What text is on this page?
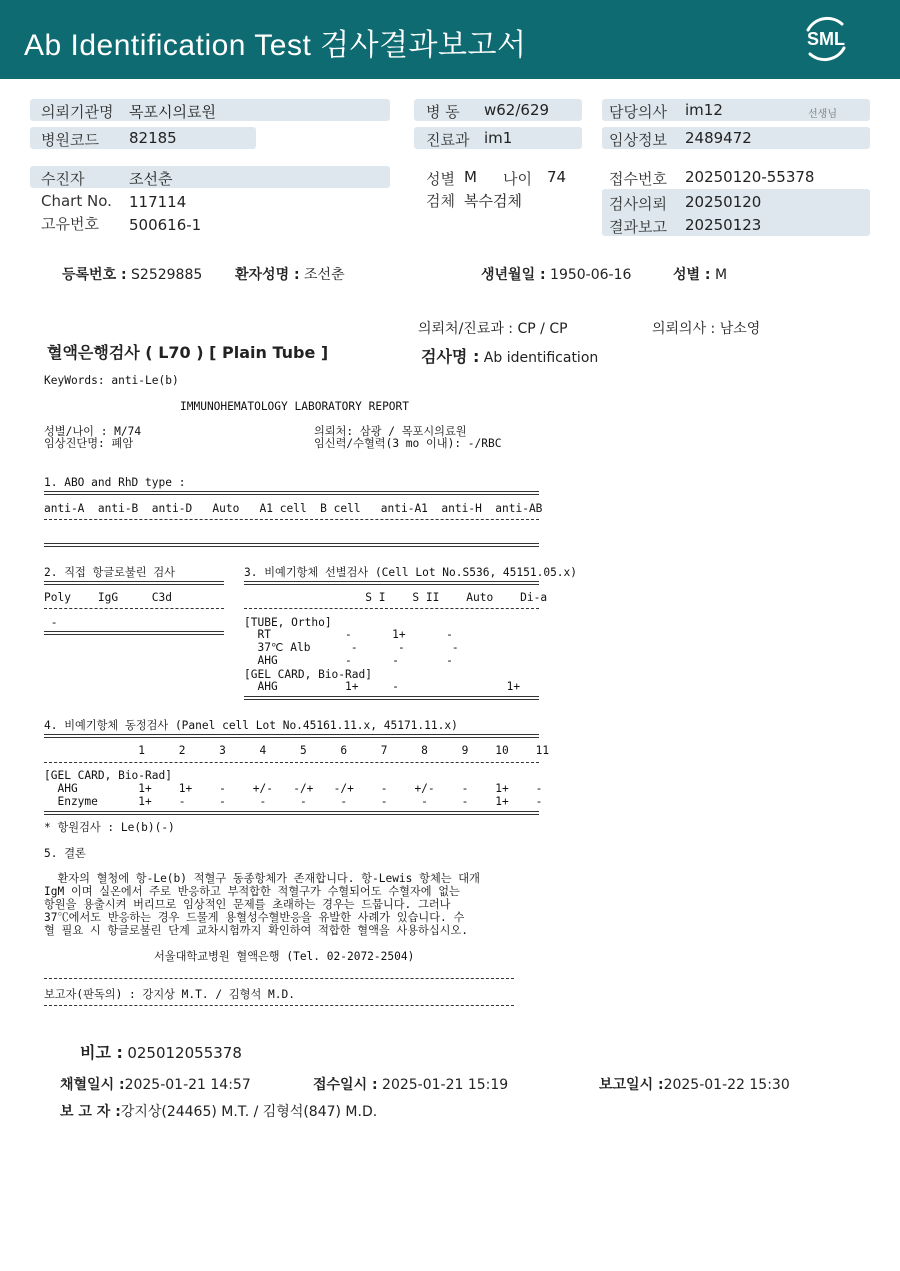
Ab Identification Test 검사결과보고서	SML
의뢰기관명 목포시의료원
병원코드 82185
병 동 w62/629
진료과 im1
담당의사 im12	선생님
임상정보 2489472
수진자	조선춘
Chart No. 117114
고유번호 500616-1
성별 M 나이 74
검체 복수검체
접수번호 20250120-55378
검사의뢰 20250120
결과보고 20250123
등록번호 : S2529885 환자성명 : 조선춘	생년월일 : 1950-06-16	성별 : M
의뢰처/진료과 : CP / CP	의뢰의사 : 남소영
혈액은행검사 ( L70 ) [ Plain Tube ]	검사명 : Ab identification
KeyWords: anti-Le(b)
IMMUNOHEMATOLOGY LABORATORY REPORT
성별/나이 : M/74	의뢰처: 삼광 / 목포시의료원
임상진단명: 폐암	임신력/수혈력(3 mo 이내): -/RBC
1. ABO and RhD type :
anti-A  anti-B  anti-D   Auto   A1 cell  B cell   anti-A1  anti-H  anti-AB
2. 직접 항글로불린 검사
Poly    IgG     C3d
-
3. 비예기항체 선별검사 (Cell Lot No.S536, 45151.05.x)
S I    S II    Auto    Di-a
[TUBE, Ortho]
RT           -      1+      -
37℃ Alb      -      -       -
AHG          -      -       -
[GEL CARD, Bio-Rad]
AHG          1+     -                1+
4. 비예기항체 동정검사 (Panel cell Lot No.45161.11.x, 45171.11.x)
1     2     3     4     5     6     7     8     9    10    11
[GEL CARD, Bio-Rad]
AHG         1+    1+    -    +/-   -/+   -/+    -    +/-    -    1+    -
Enzyme      1+    -     -     -     -     -     -     -     -    1+    -
* 항원검사 : Le(b)(-)
5. 결론
환자의 혈청에 항-Le(b) 적혈구 동종항체가 존재합니다. 항-Lewis 항체는 대개
IgM 이며 실온에서 주로 반응하고 부적합한 적혈구가 수혈되어도 수혈자에 없는
항원을 용출시켜 버리므로 임상적인 문제를 초래하는 경우는 드뭅니다. 그러나
37℃에서도 반응하는 경우 드물게 용혈성수혈반응을 유발한 사례가 있습니다. 수
혈 필요 시 항글로불린 단계 교차시험까지 확인하여 적합한 혈액을 사용하십시오.
서울대학교병원 혈액은행 (Tel. 02-2072-2504)
보고자(판독의) : 강지상 M.T. / 김형석 M.D.
비고 : 025012055378
채혈일시 :2025-01-21 14:57	접수일시 : 2025-01-21 15:19	보고일시 :2025-01-22 15:30
보 고 자 :강지상(24465) M.T. / 김형석(847) M.D.
